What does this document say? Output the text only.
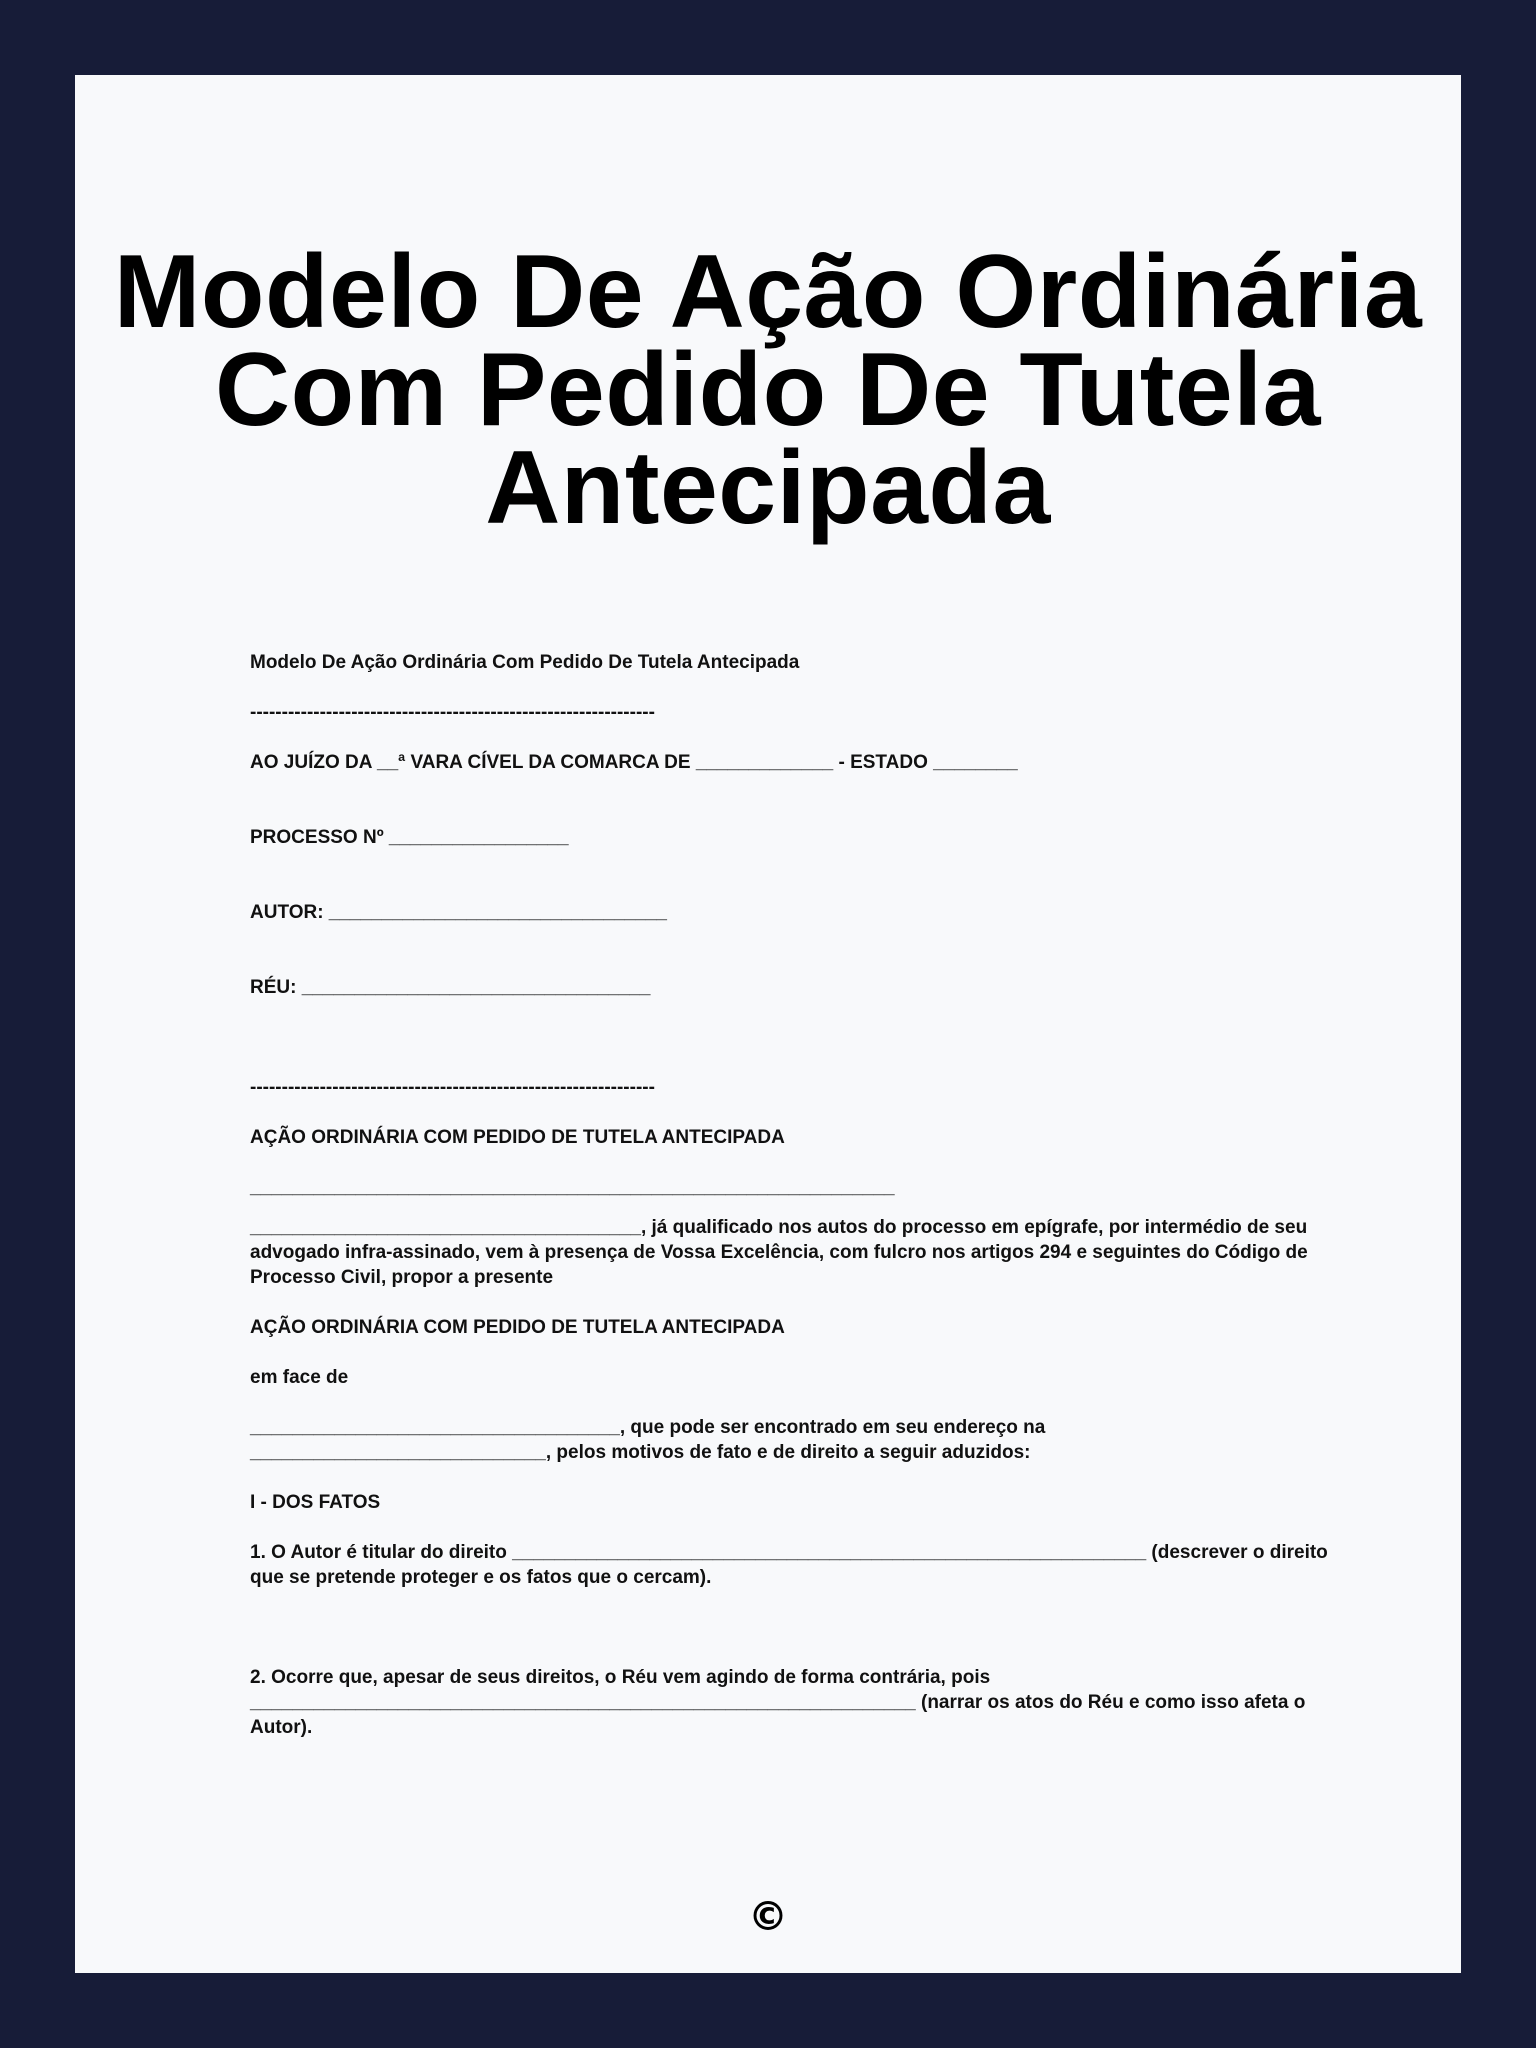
Modelo De Ação Ordinária Com Pedido De Tutela Antecipada

Modelo De Ação Ordinária Com Pedido De Tutela Antecipada

----------------------------------------------------------------

AO JUÍZO DA __ª VARA CÍVEL DA COMARCA DE _____________ - ESTADO ________

PROCESSO Nº _________________

AUTOR: ________________________________

RÉU: _________________________________

----------------------------------------------------------------

AÇÃO ORDINÁRIA COM PEDIDO DE TUTELA ANTECIPADA

_____________________________________________________________

_____________________________________, já qualificado nos autos do processo em epígrafe, por intermédio de seu advogado infra-assinado, vem à presença de Vossa Excelência, com fulcro nos artigos 294 e seguintes do Código de Processo Civil, propor a presente

AÇÃO ORDINÁRIA COM PEDIDO DE TUTELA ANTECIPADA

em face de

___________________________________, que pode ser encontrado em seu endereço na ____________________________, pelos motivos de fato e de direito a seguir aduzidos:

I - DOS FATOS

1. O Autor é titular do direito ____________________________________________________________ (descrever o direito que se pretende proteger e os fatos que o cercam).

2. Ocorre que, apesar de seus direitos, o Réu vem agindo de forma contrária, pois _______________________________________________________________ (narrar os atos do Réu e como isso afeta o Autor).

©
